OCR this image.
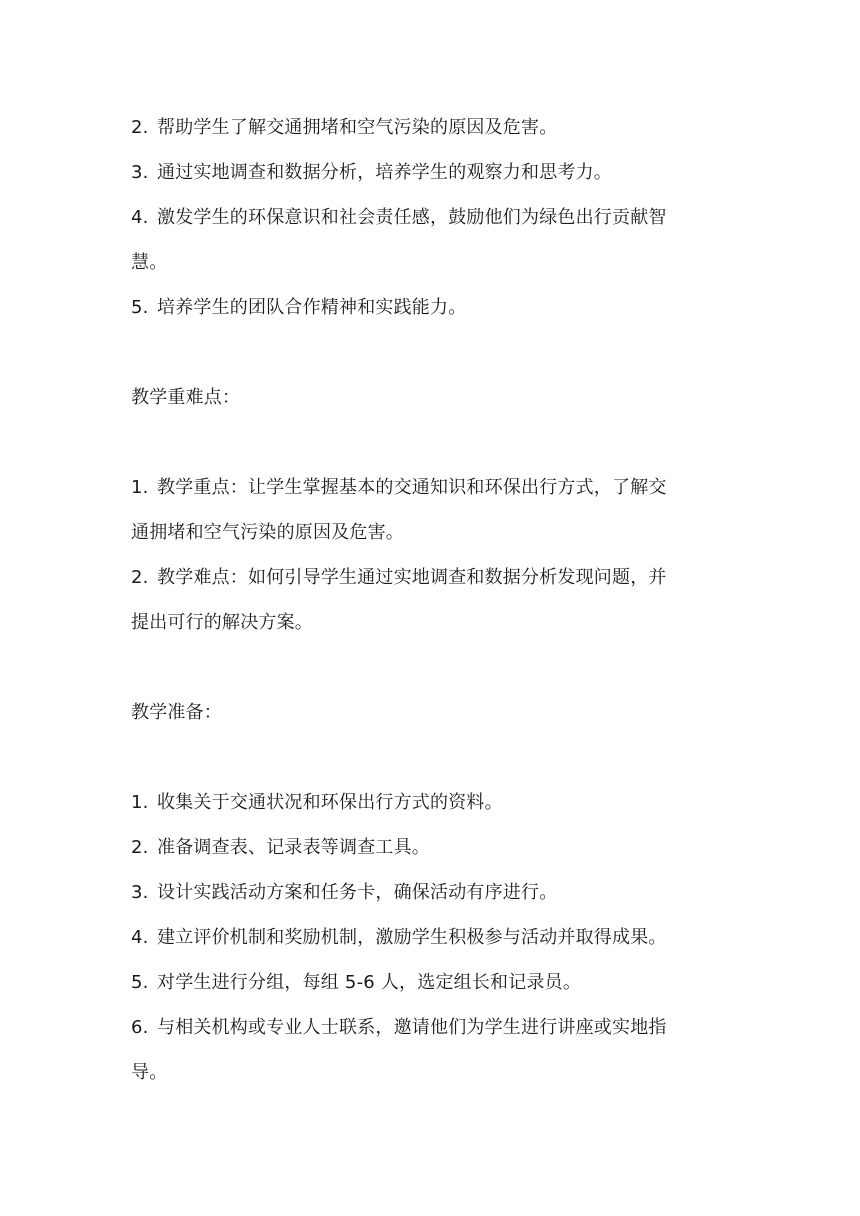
2. 帮助学生了解交通拥堵和空气污染的原因及危害。
3. 通过实地调查和数据分析，培养学生的观察力和思考力。
4. 激发学生的环保意识和社会责任感，鼓励他们为绿色出行贡献智
慧。
5. 培养学生的团队合作精神和实践能力。
教学重难点：
1. 教学重点：让学生掌握基本的交通知识和环保出行方式，了解交
通拥堵和空气污染的原因及危害。
2. 教学难点：如何引导学生通过实地调查和数据分析发现问题，并
提出可行的解决方案。
教学准备：
1. 收集关于交通状况和环保出行方式的资料。
2. 准备调查表、记录表等调查工具。
3. 设计实践活动方案和任务卡，确保活动有序进行。
4. 建立评价机制和奖励机制，激励学生积极参与活动并取得成果。
5. 对学生进行分组，每组 5-6 人，选定组长和记录员。
6. 与相关机构或专业人士联系，邀请他们为学生进行讲座或实地指
导。
